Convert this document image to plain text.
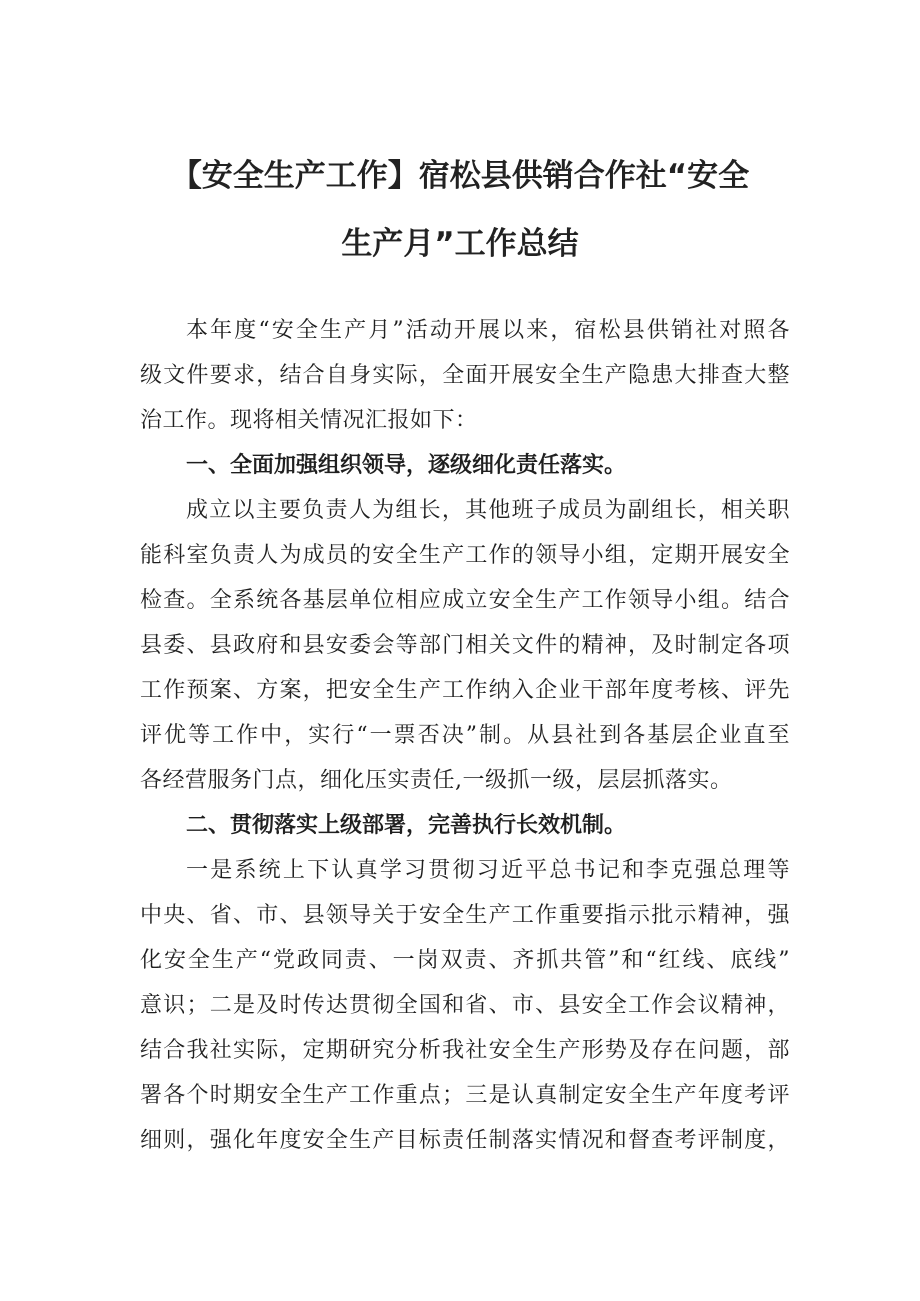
【安全生产工作】宿松县供销合作社“安全
生产月”工作总结

本年度“安全生产月”活动开展以来，宿松县供销社对照各

级文件要求，结合自身实际，全面开展安全生产隐患大排查大整

治工作。现将相关情况汇报如下：

一、全面加强组织领导，逐级细化责任落实。

成立以主要负责人为组长，其他班子成员为副组长，相关职

能科室负责人为成员的安全生产工作的领导小组，定期开展安全

检查。全系统各基层单位相应成立安全生产工作领导小组。结合

县委、县政府和县安委会等部门相关文件的精神，及时制定各项

工作预案、方案，把安全生产工作纳入企业干部年度考核、评先

评优等工作中，实行“一票否决”制。从县社到各基层企业直至

各经营服务门点，细化压实责任,一级抓一级，层层抓落实。

二、贯彻落实上级部署，完善执行长效机制。

一是系统上下认真学习贯彻习近平总书记和李克强总理等

中央、省、市、县领导关于安全生产工作重要指示批示精神，强

化安全生产“党政同责、一岗双责、齐抓共管”和“红线、底线”

意识；二是及时传达贯彻全国和省、市、县安全工作会议精神，

结合我社实际，定期研究分析我社安全生产形势及存在问题，部

署各个时期安全生产工作重点；三是认真制定安全生产年度考评

细则，强化年度安全生产目标责任制落实情况和督查考评制度，
